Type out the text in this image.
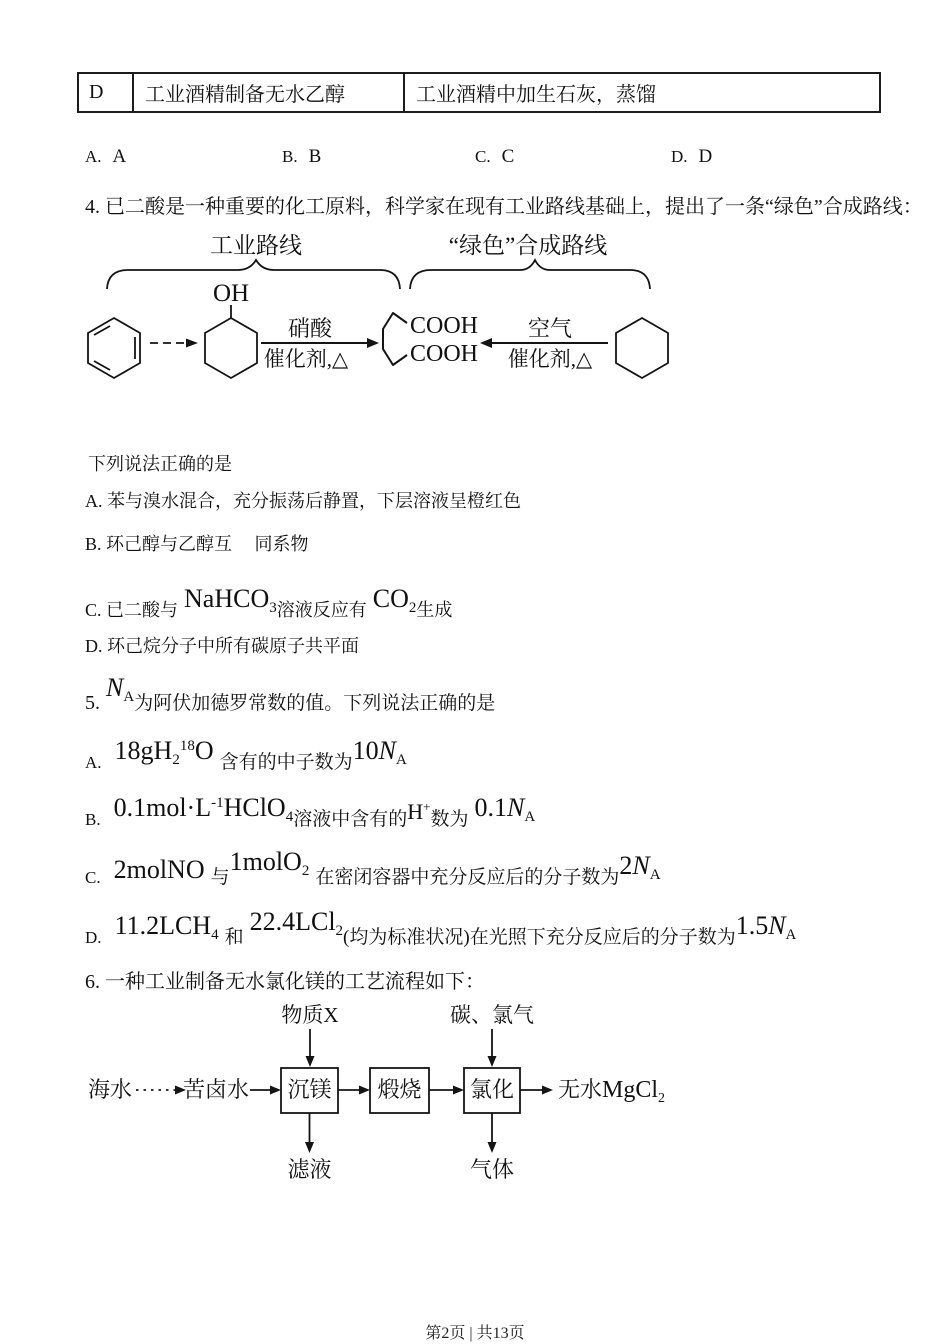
D	工业酒精制备无水乙醇	工业酒精中加生石灰，蒸馏
A. A	B. B	C. C	D. D
4. 已二酸是一种重要的化工原料，科学家在现有工业路线基础上，提出了一条“绿色”合成路线：
工业路线	“绿色”合成路线
OH
硝酸
催化剂,△
COOH
COOH
空气
催化剂,△
下列说法正确的是
A. 苯与溴水混合，充分振荡后静置，下层溶液呈橙红色
B. 环己醇与乙醇互　 同系物
C. 已二酸与 NaHCO3溶液反应有 CO2生成
D. 环己烷分子中所有碳原子共平面
5.NA为阿伏加德罗常数的值。下列说法正确的是
A. $18gH2^{18}O$ 含有的中子数为10NA
B. $0.1mol\cdot L^{-1}HClO4$溶液中含有的H+数为 0.1NA
C. 2molNO 与1molO2 在密闭容器中充分反应后的分子数为2NA
D. 11.2LCH4 和22.4LCl2(均为标准状况)在光照下充分反应后的分子数为1.5NA
6. 一种工业制备无水氯化镁的工艺流程如下：
物质X	碳、氯气
海水 苦卤水 沉镁 煅烧 氯化 无水MgCl$_2$
滤液	气体
第2页 | 共13页
